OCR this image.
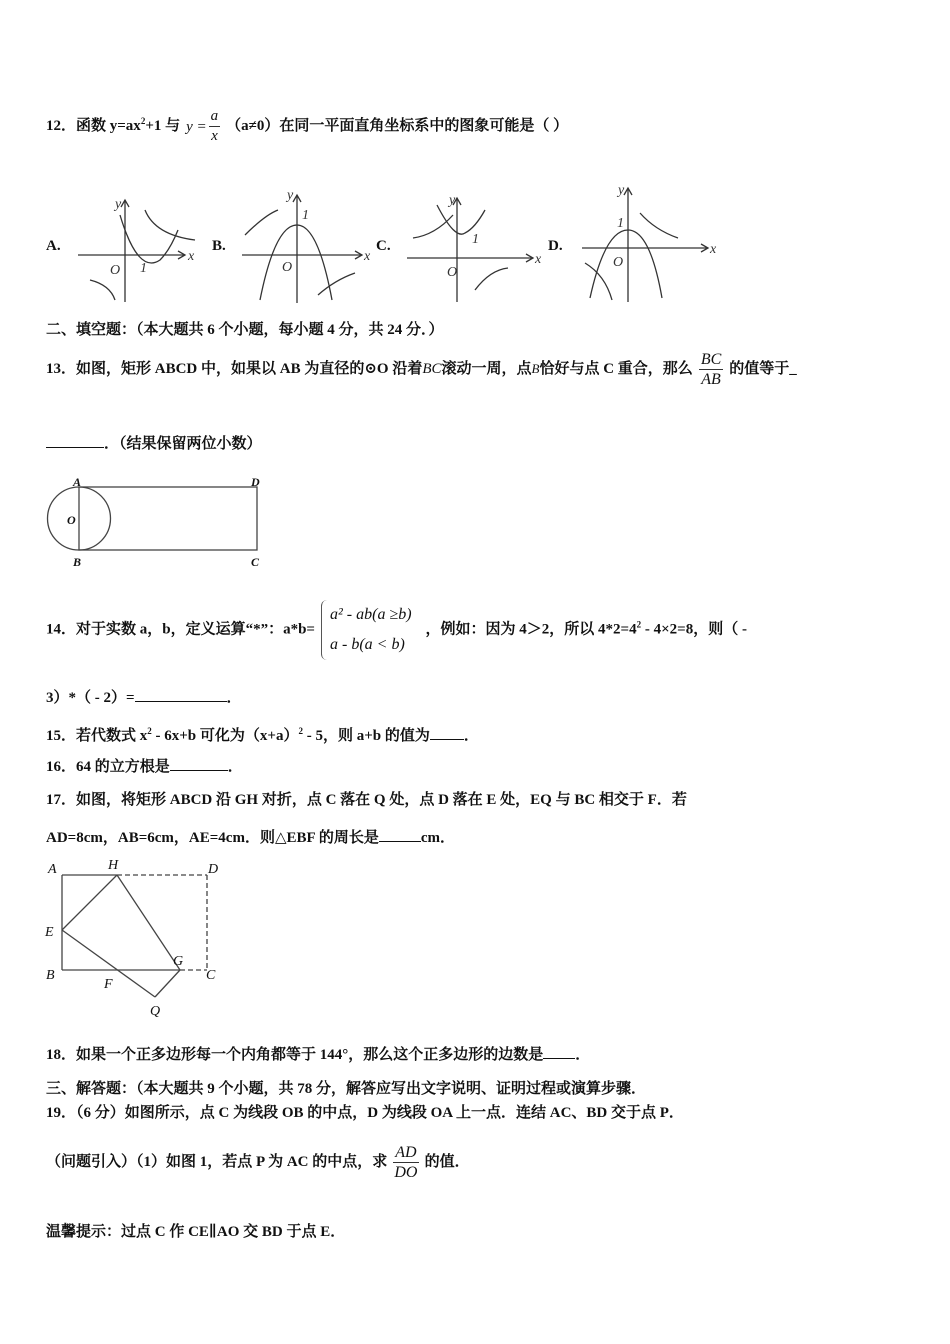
12．函数 $y=ax^2+1$ 与 $y = \frac{a}{x} (a\ne 0)$在同一平面直角坐标系中的图象可能是（ ）
A.	B.	C.	D.
O 1
x
y
O
1
x
y
O
1
x
y
O
1
x
y
二、填空题：（本大题共 6 个小题，每小题 4 分，共 24 分．）
13．如图，矩形 ABCD 中，如果以 AB 为直径的⊙O 沿着BC滚动一周，点B恰好与点 C 重合，那么 $\frac{BC}{AB}$ 的值等于_
．（结果保留两位小数）
A	D
O
B	C
14．对于实数 a，b，定义运算“*”：a*b=
a² - ab(a ≥b)
a - b(a < b)
，例如：因为 4＞2，所以 $4*2=4^2 - 4\times 2=8$，则（ -
3）*（ - 2）=	．
15．若代数式 $x^2 - 6x+b$ 可化为$(x+a)^2 - 5$，则 a+b 的值为 ．
16．64 的立方根是	．
17．如图，将矩形 ABCD 沿 GH 对折，点 C 落在 Q 处，点 D 落在 E 处，EQ 与 BC 相交于 F．若
AD=8cm，AB=6cm，AE=4cm．则△EBF 的周长是	cm．
A	H	D
E
B
F
G
C
Q
18．如果一个正多边形每一个内角都等于 144°，那么这个正多边形的边数是 ．
三、解答题：（本大题共 9 个小题，共 78 分，解答应写出文字说明、证明过程或演算步骤．
19．（6 分）如图所示，点 C 为线段 OB 的中点，D 为线段 OA 上一点．连结 AC、BD 交于点 P．
（问题引入）（1）如图 1，若点 P 为 AC 的中点，求 $\frac{AD}{DO}$ 的值．
温馨提示：过点 C 作 CE∥AO 交 BD 于点 E．
